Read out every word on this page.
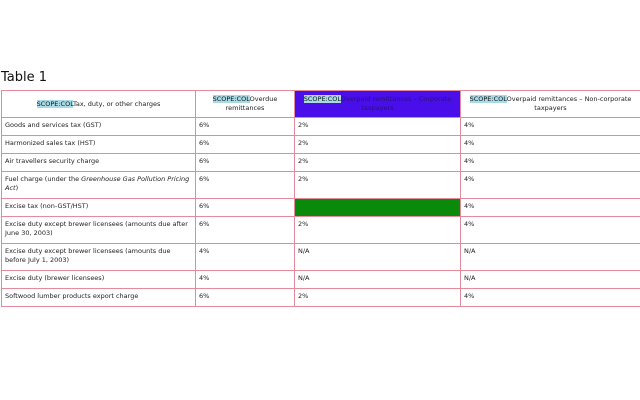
Table 1
SCOPE:COLTax, duty, or other charges	SCOPE:COLOverdue remittances	SCOPE:COLOverpaid remittances – Corporate taxpayers	SCOPE:COLOverpaid remittances – Non-corporate taxpayers
Goods and services tax (GST)	6%	2%	4%
Harmonized sales tax (HST)	6%	2%	4%
Air travellers security charge	6%	2%	4%
Fuel charge (under the Greenhouse Gas Pollution Pricing Act)	6%	2%	4%
Excise tax (non-GST/HST)	6%	2%	4%
Excise duty except brewer licensees (amounts due after June 30, 2003)	6%	2%	4%
Excise duty except brewer licensees (amounts due before July 1, 2003)	4%	N/A	N/A
Excise duty (brewer licensees)	4%	N/A	N/A
Softwood lumber products export charge	6%	2%	4%
